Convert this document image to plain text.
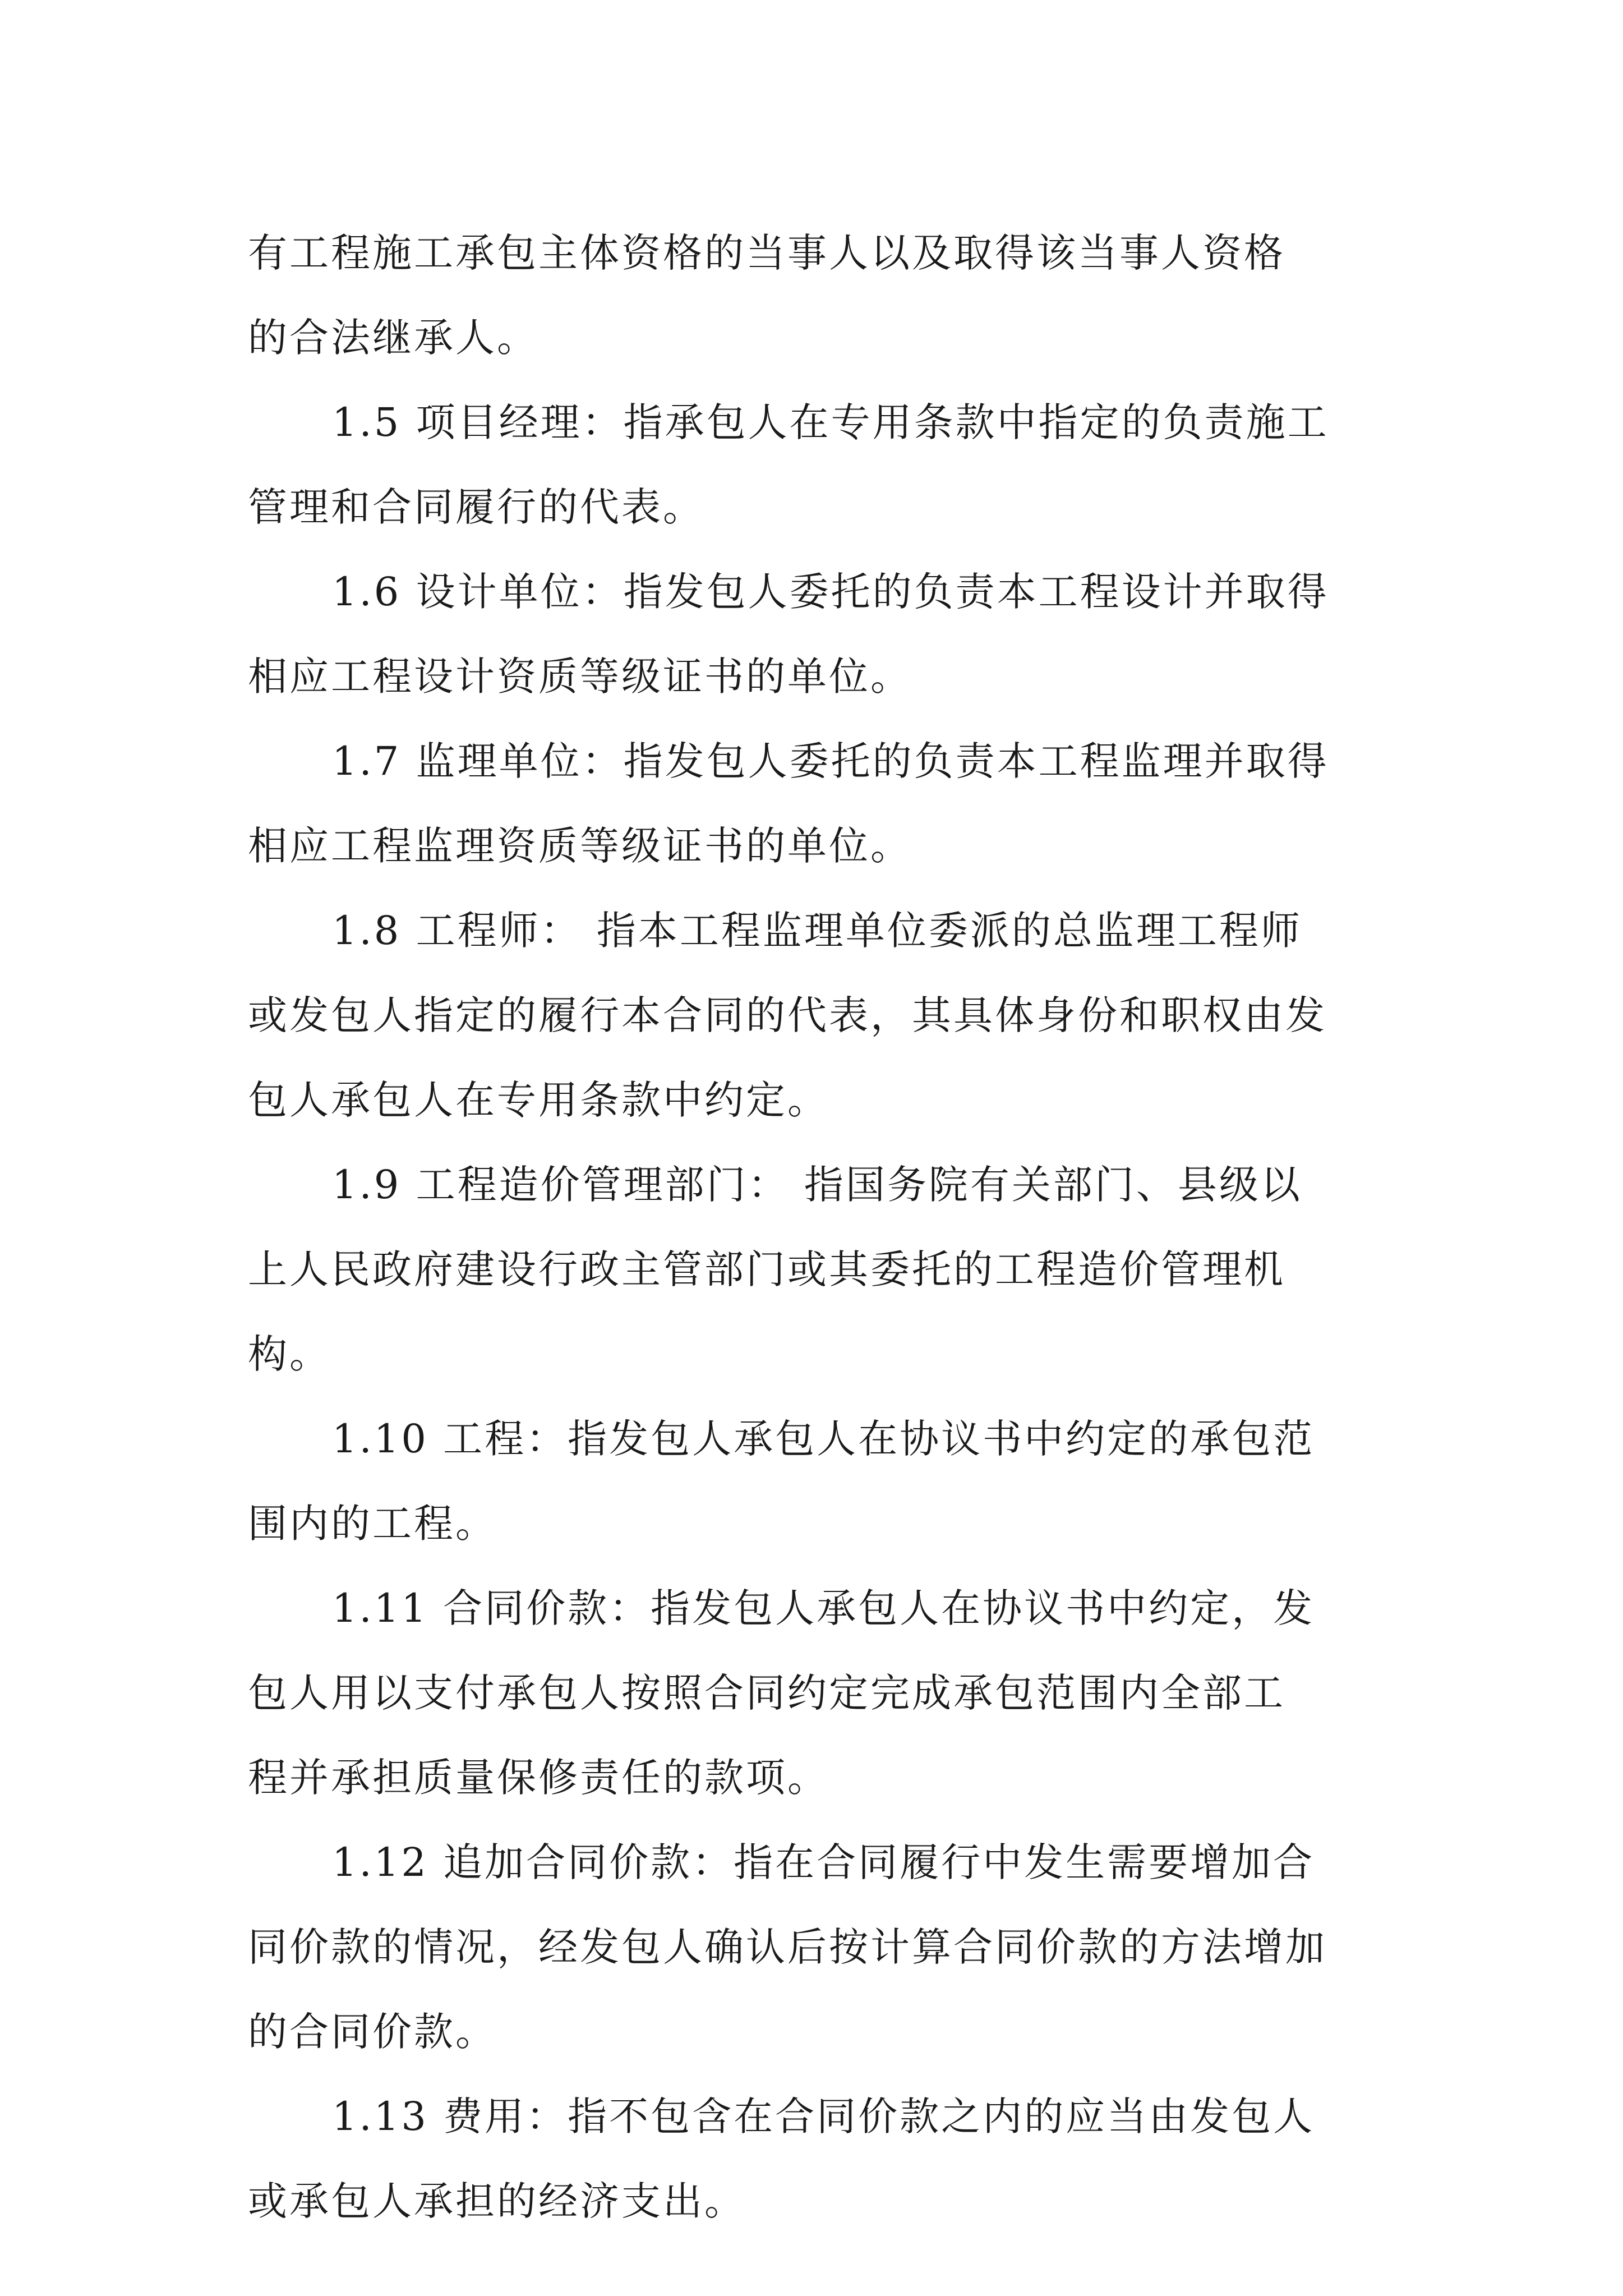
有工程施工承包主体资格的当事人以及取得该当事人资格
的合法继承人。

1.5 项目经理：指承包人在专用条款中指定的负责施工
管理和合同履行的代表。

1.6 设计单位：指发包人委托的负责本工程设计并取得
相应工程设计资质等级证书的单位。

1.7 监理单位：指发包人委托的负责本工程监理并取得
相应工程监理资质等级证书的单位。

1.8 工程师： 指本工程监理单位委派的总监理工程师
或发包人指定的履行本合同的代表，其具体身份和职权由发
包人承包人在专用条款中约定。

1.9 工程造价管理部门： 指国务院有关部门、县级以
上人民政府建设行政主管部门或其委托的工程造价管理机
构。

1.10 工程：指发包人承包人在协议书中约定的承包范
围内的工程。

1.11 合同价款：指发包人承包人在协议书中约定，发
包人用以支付承包人按照合同约定完成承包范围内全部工
程并承担质量保修责任的款项。

1.12 追加合同价款：指在合同履行中发生需要增加合
同价款的情况，经发包人确认后按计算合同价款的方法增加
的合同价款。

1.13 费用：指不包含在合同价款之内的应当由发包人
或承包人承担的经济支出。
